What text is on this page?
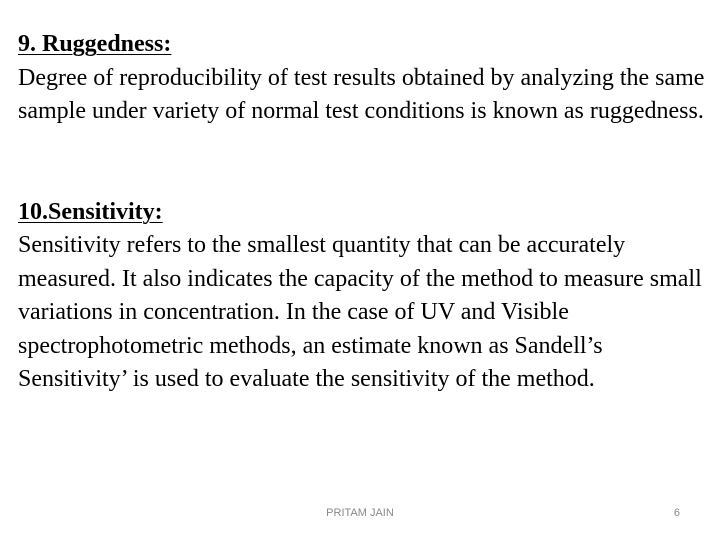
9. Ruggedness:

Degree of reproducibility of test results obtained by analyzing the same sample under variety of normal test conditions is known as ruggedness.

10.Sensitivity:

Sensitivity refers to the smallest quantity that can be accurately measured. It also indicates the capacity of the method to measure small variations in concentration. In the case of UV and Visible spectrophotometric methods, an estimate known as Sandell’s Sensitivity’ is used to evaluate the sensitivity of the method.

PRITAM JAIN	6
